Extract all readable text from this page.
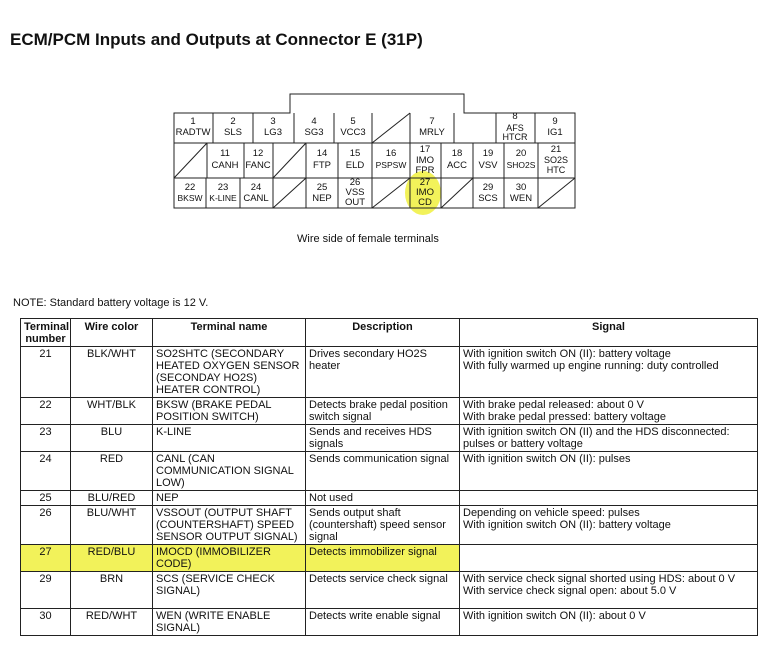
ECM/PCM Inputs and Outputs at Connector E (31P)
1
RADTW
2
SLS
3
LG3
4
SG3
5
VCC3
7
MRLY
8
AFS
HTCR
9
IG1
11
CANH
12
FANC
14
FTP
15
ELD
16
PSPSW
17
IMO
FPR
18
ACC
19
VSV
20
SHO2S
21
SO2S
HTC
22
BKSW
23
K-LINE
24
CANL
25
NEP
26
VSS
OUT
27
IMO
CD
29
SCS
30
WEN
Wire side of female terminals
NOTE: Standard battery voltage is 12 V.
Terminal number	Wire color	Terminal name	Description	Signal
21	BLK/WHT	SO2SHTC (SECONDARY HEATED OXYGEN SENSOR (SECONDAY HO2S) HEATER CONTROL)	Drives secondary HO2S heater	With ignition switch ON (II): battery voltage
With fully warmed up engine running: duty controlled
22	WHT/BLK	BKSW (BRAKE PEDAL POSITION SWITCH)	Detects brake pedal position switch signal	With brake pedal released: about 0 V
With brake pedal pressed: battery voltage
23	BLU	K-LINE	Sends and receives HDS signals	With ignition switch ON (II) and the HDS disconnected: pulses or battery voltage
24	RED	CANL (CAN COMMUNICATION SIGNAL LOW)	Sends communication signal	With ignition switch ON (II): pulses
25	BLU/RED	NEP	Not used	
26	BLU/WHT	VSSOUT (OUTPUT SHAFT (COUNTERSHAFT) SPEED SENSOR OUTPUT SIGNAL)	Sends output shaft (countershaft) speed sensor signal	Depending on vehicle speed: pulses
With ignition switch ON (II): battery voltage
27	RED/BLU	IMOCD (IMMOBILIZER CODE)	Detects immobilizer signal	
29	BRN	SCS (SERVICE CHECK SIGNAL)	Detects service check signal	With service check signal shorted using HDS: about 0 V
With service check signal open: about 5.0 V
30	RED/WHT	WEN (WRITE ENABLE SIGNAL)	Detects write enable signal	With ignition switch ON (II): about 0 V
